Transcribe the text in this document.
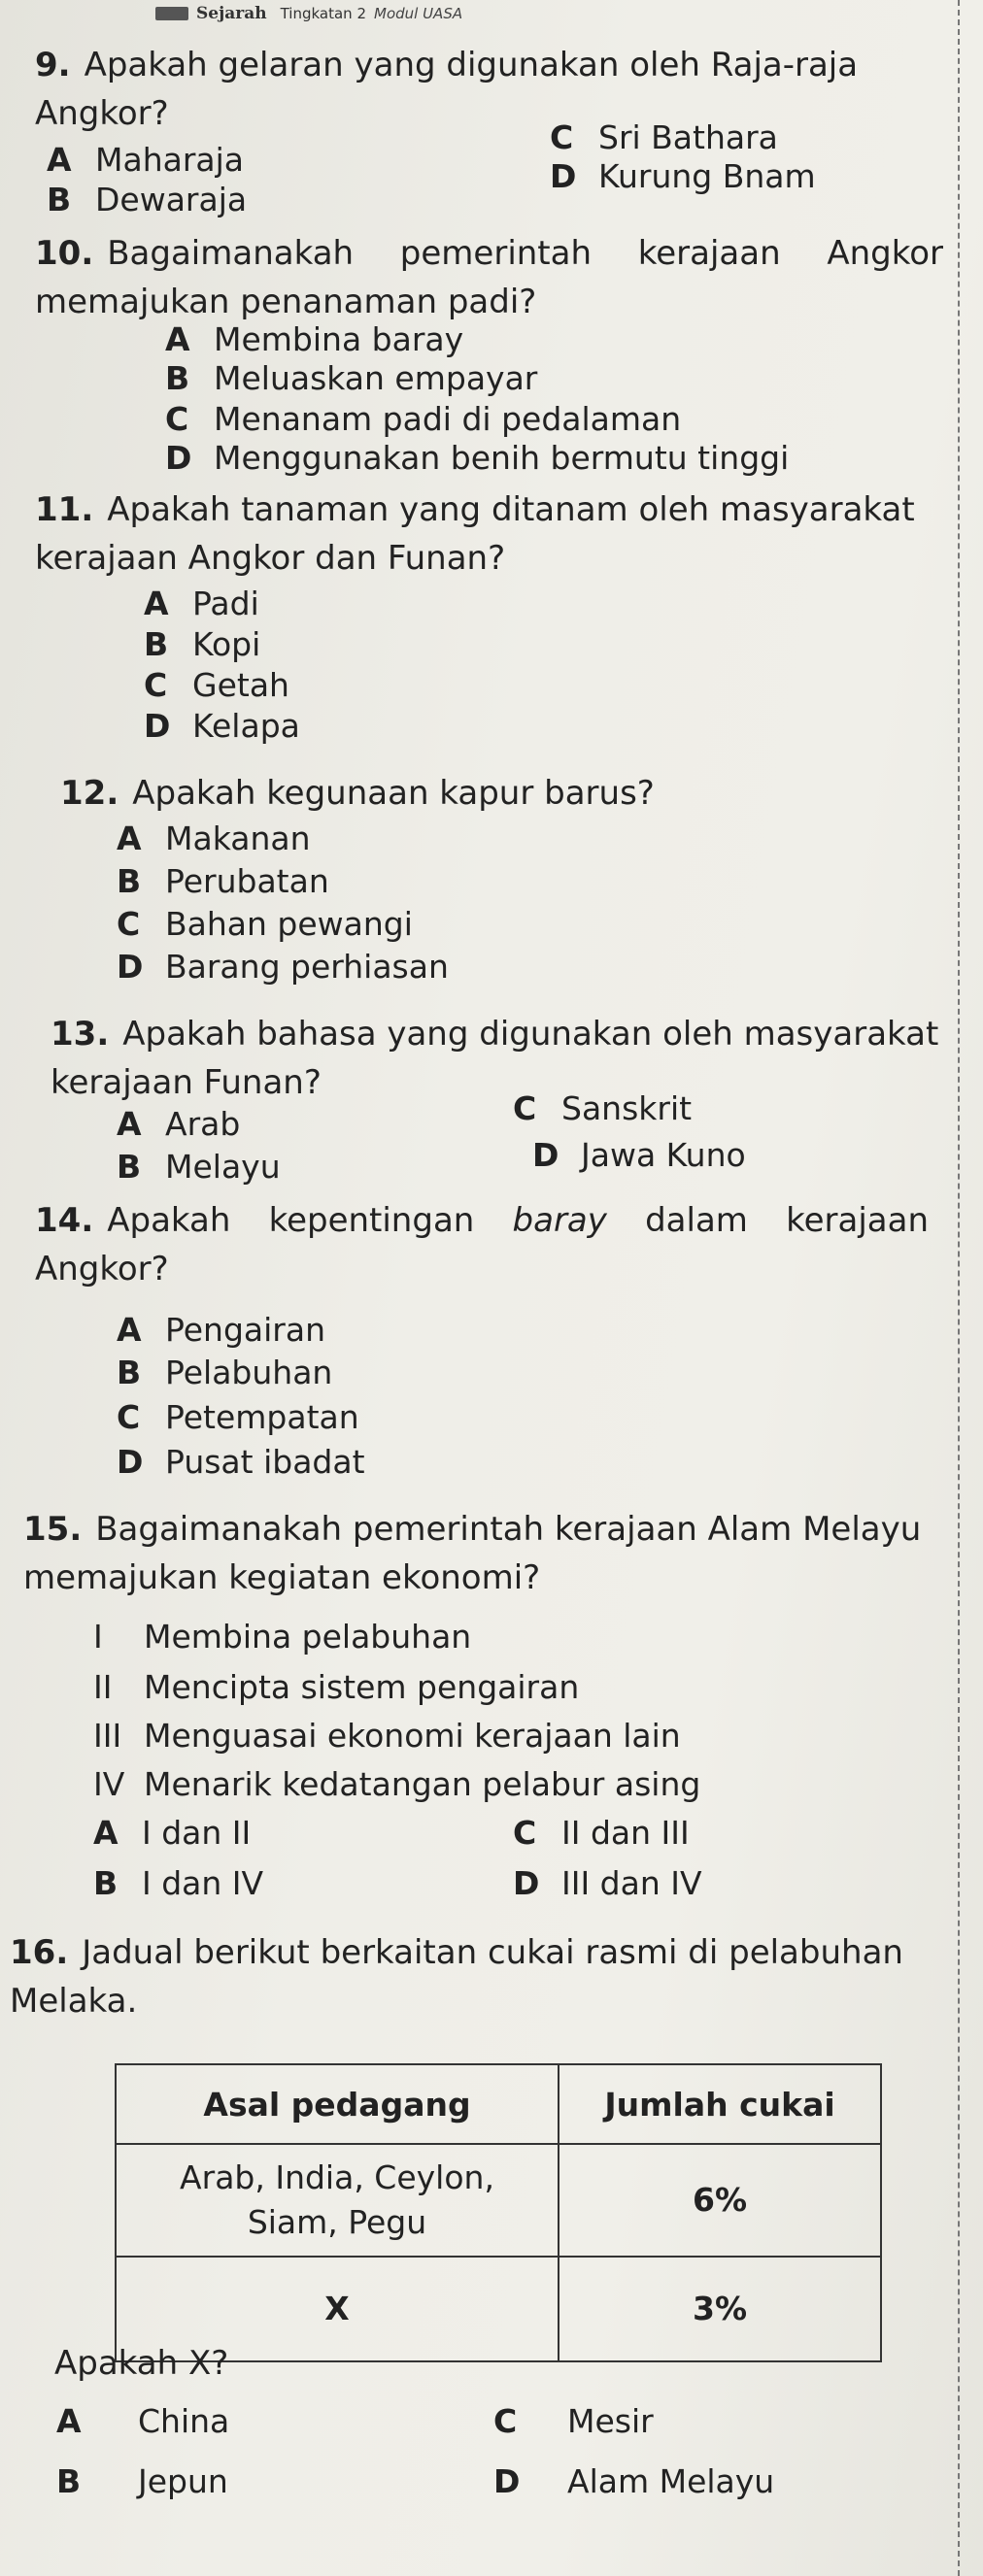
Sejarah Tingkatan 2 Modul UASA
9. Apakah gelaran yang digunakan oleh Raja-raja Angkor?
A Maharaja
B Dewaraja
C Sri Bathara
D Kurung Bnam
10. Bagaimanakah pemerintah kerajaan Angkor memajukan penanaman padi?
A Membina baray
B Meluaskan empayar
C Menanam padi di pedalaman
D Menggunakan benih bermutu tinggi
11. Apakah tanaman yang ditanam oleh masyarakat kerajaan Angkor dan Funan?
A Padi
B Kopi
C Getah
D Kelapa
12. Apakah kegunaan kapur barus?
A Makanan
B Perubatan
C Bahan pewangi
D Barang perhiasan
13. Apakah bahasa yang digunakan oleh masyarakat kerajaan Funan?
A Arab
B Melayu
C Sanskrit
D Jawa Kuno
14. Apakah kepentingan baray dalam kerajaan Angkor?
A Pengairan
B Pelabuhan
C Petempatan
D Pusat ibadat
15. Bagaimanakah pemerintah kerajaan Alam Melayu memajukan kegiatan ekonomi?
I Membina pelabuhan
II Mencipta sistem pengairan
III Menguasai ekonomi kerajaan lain
IV Menarik kedatangan pelabur asing
A I dan II
B I dan IV
C II dan III
D III dan IV
16. Jadual berikut berkaitan cukai rasmi di pelabuhan Melaka.
Asal pedagang	Jumlah cukai
Arab, India, Ceylon, Siam, Pegu	6%
X	3%
Apakah X?
A China
B Jepun
C Mesir
D Alam Melayu
